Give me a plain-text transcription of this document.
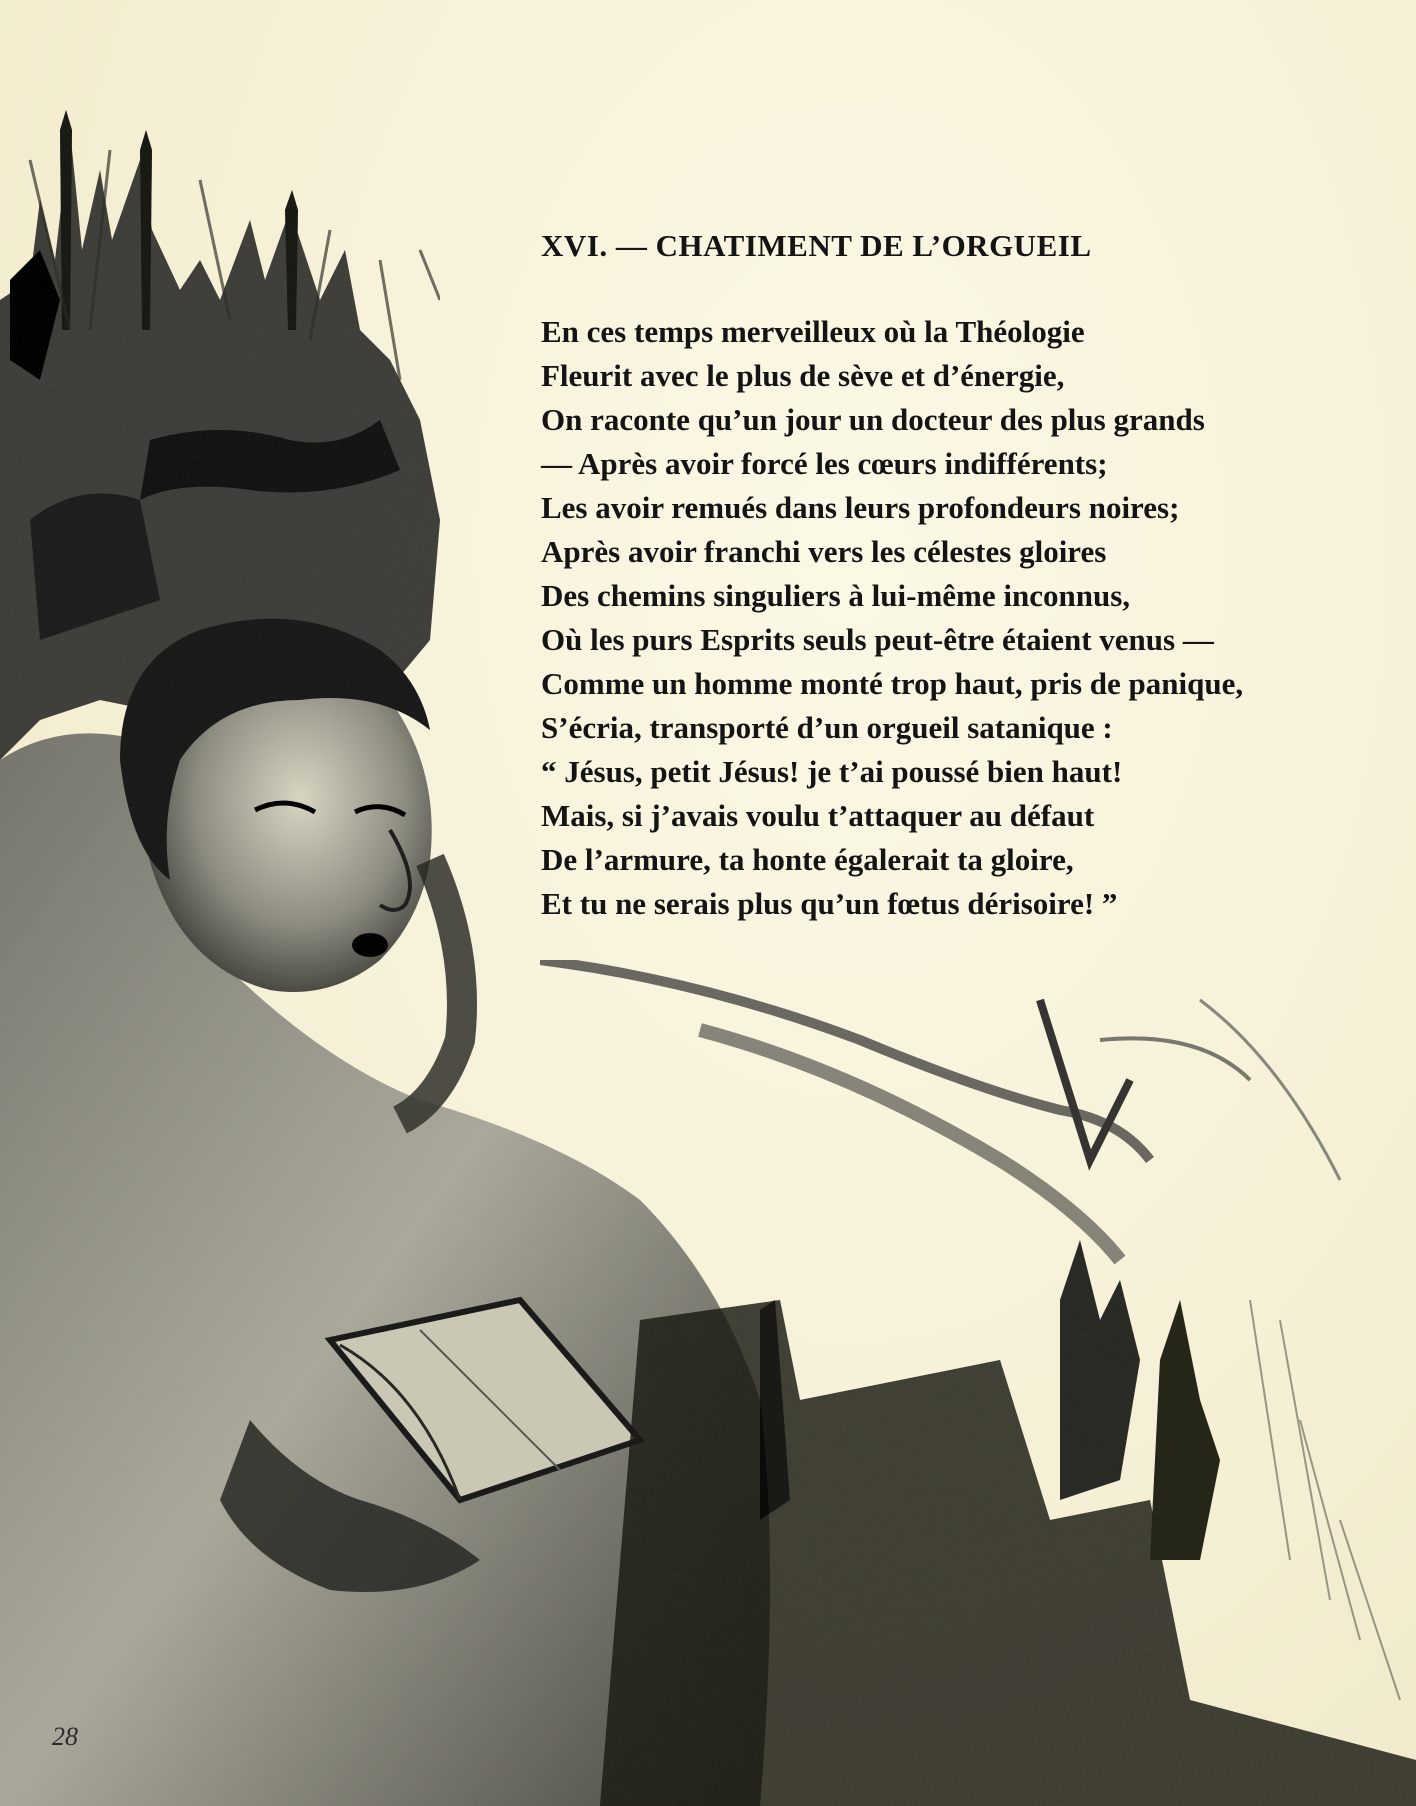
XVI. — CHATIMENT DE L’ORGUEIL
En ces temps merveilleux où la Théologie
Fleurit avec le plus de sève et d’énergie,
On raconte qu’un jour un docteur des plus grands
— Après avoir forcé les cœurs indifférents;
Les avoir remués dans leurs profondeurs noires;
Après avoir franchi vers les célestes gloires
Des chemins singuliers à lui-même inconnus,
Où les purs Esprits seuls peut-être étaient venus —
Comme un homme monté trop haut, pris de panique,
S’écria, transporté d’un orgueil satanique :
“ Jésus, petit Jésus! je t’ai poussé bien haut!
Mais, si j’avais voulu t’attaquer au défaut
De l’armure, ta honte égalerait ta gloire,
Et tu ne serais plus qu’un fœtus dérisoire! ”
28
